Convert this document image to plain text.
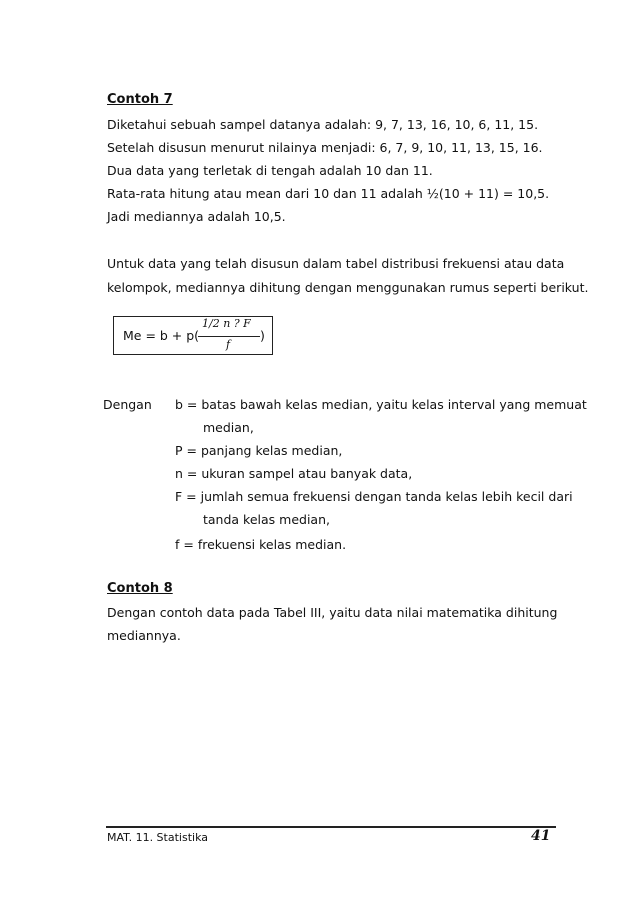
Contoh 7
Diketahui sebuah sampel datanya adalah: 9, 7, 13, 16, 10, 6, 11, 15.
Setelah disusun menurut nilainya menjadi: 6, 7, 9, 10, 11, 13, 15, 16.
Dua data yang terletak di tengah adalah 10 dan 11.
Rata-rata hitung atau mean dari 10 dan 11 adalah ½(10 + 11) = 10,5.
Jadi mediannya adalah 10,5.
Untuk data yang telah disusun dalam tabel distribusi frekuensi atau data
kelompok, mediannya dihitung dengan menggunakan rumus seperti berikut.
Me = b + p(
1/2 n ? F
f
)
Dengan b = batas bawah kelas median, yaitu kelas interval yang memuat
median,
P = panjang kelas median,
n = ukuran sampel atau banyak data,
F = jumlah semua frekuensi dengan tanda kelas lebih kecil dari
tanda kelas median,
f = frekuensi kelas median.
Contoh 8
Dengan contoh data pada Tabel III, yaitu data nilai matematika dihitung
mediannya.
MAT. 11. Statistika	41
